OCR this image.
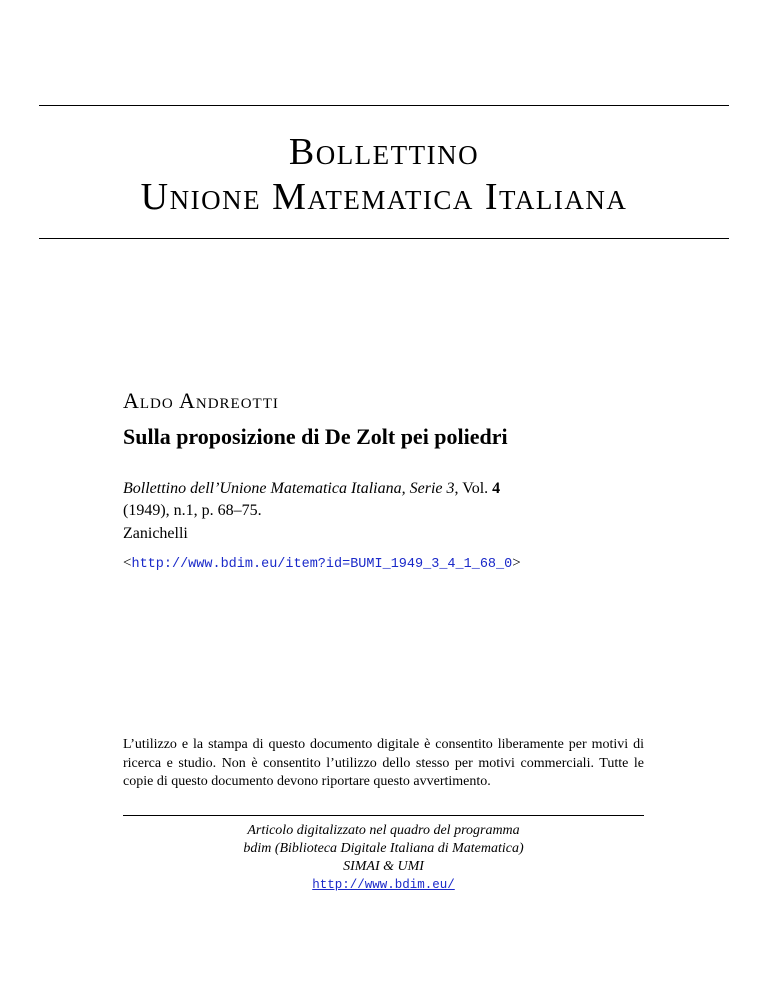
Bollettino
Unione Matematica Italiana
Aldo Andreotti
Sulla proposizione di De Zolt pei poliedri
Bollettino dell’Unione Matematica Italiana, Serie 3, Vol. 4
(1949), n.1, p. 68–75.
Zanichelli
<http://www.bdim.eu/item?id=BUMI_1949_3_4_1_68_0>
L’utilizzo e la stampa di questo documento digitale è consentito liberamente per motivi di ricerca e studio. Non è consentito l’utilizzo dello stesso per motivi commerciali. Tutte le copie di questo documento devono riportare questo avvertimento.
Articolo digitalizzato nel quadro del programma
bdim (Biblioteca Digitale Italiana di Matematica)
SIMAI & UMI
http://www.bdim.eu/
